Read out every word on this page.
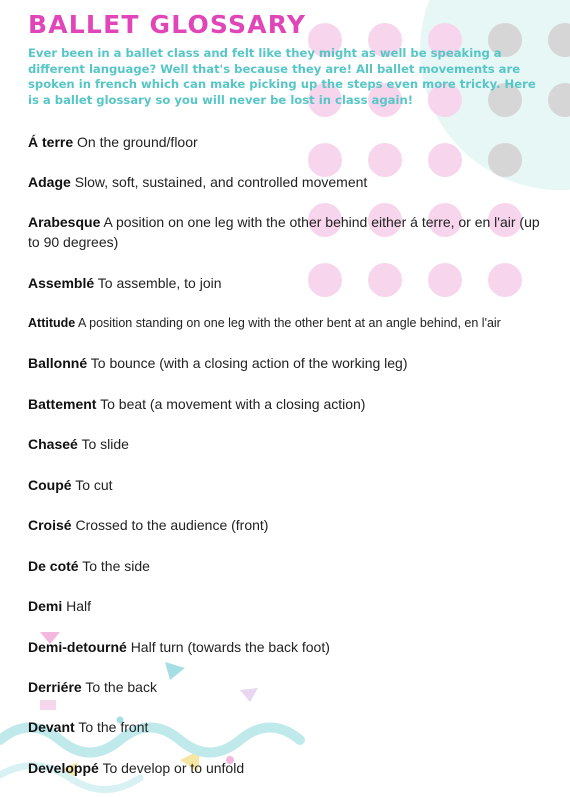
BALLET GLOSSARY

Ever been in a ballet class and felt like they might as well be speaking a different language? Well that's because they are! All ballet movements are spoken in french which can make picking up the steps even more tricky. Here is a ballet glossary so you will never be lost in class again!

Á terre On the ground/floor
Adage Slow, soft, sustained, and controlled movement
Arabesque A position on one leg with the other behind either á terre, or en l'air (up to 90 degrees)
Assemblé To assemble, to join
Attitude A position standing on one leg with the other bent at an angle behind, en l'air
Ballonné To bounce (with a closing action of the working leg)
Battement To beat (a movement with a closing action)
Chaseé To slide
Coupé To cut
Croisé Crossed to the audience (front)
De coté To the side
Demi Half
Demi-detourné Half turn (towards the back foot)
Derriére To the back
Devant To the front
Developpé To develop or to unfold
